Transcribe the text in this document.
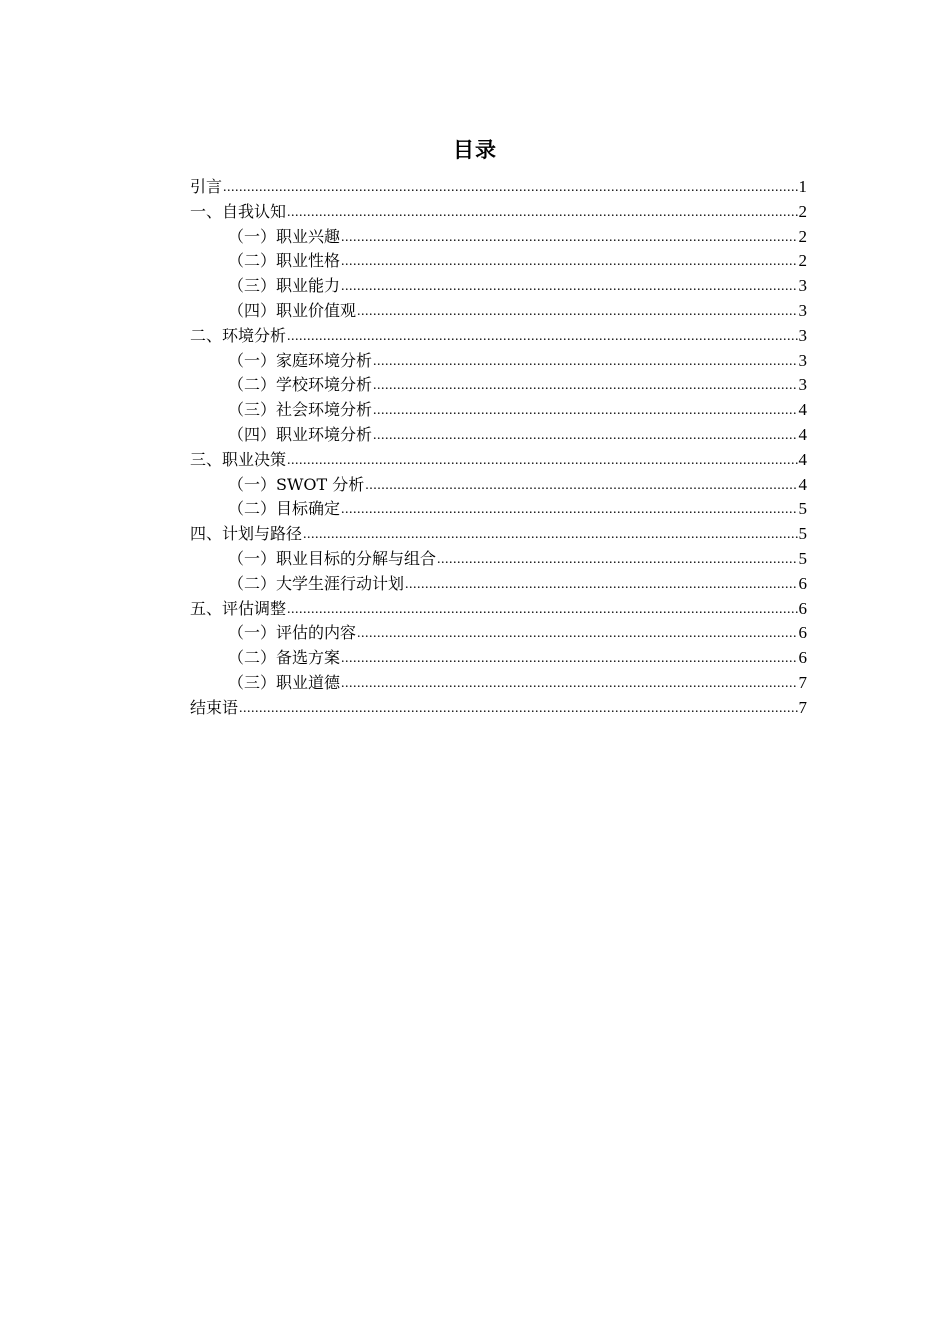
目录
引言 .....	1
一、自我认知 .....	2
（一）职业兴趣 .....	2
（二）职业性格 .....	2
（三）职业能力 .....	3
（四）职业价值观 .....	3
二、环境分析 .....	3
（一）家庭环境分析 .....	3
（二）学校环境分析 .....	3
（三）社会环境分析 .....	4
（四）职业环境分析 .....	4
三、职业决策 .....	4
（一）SWOT 分析 .....	4
（二）目标确定 .....	5
四、计划与路径 .....	5
（一）职业目标的分解与组合 .....	5
（二）大学生涯行动计划 .....	6
五、评估调整 .....	6
（一）评估的内容 .....	6
（二）备选方案 .....	6
（三）职业道德 .....	7
结束语 .....	7
